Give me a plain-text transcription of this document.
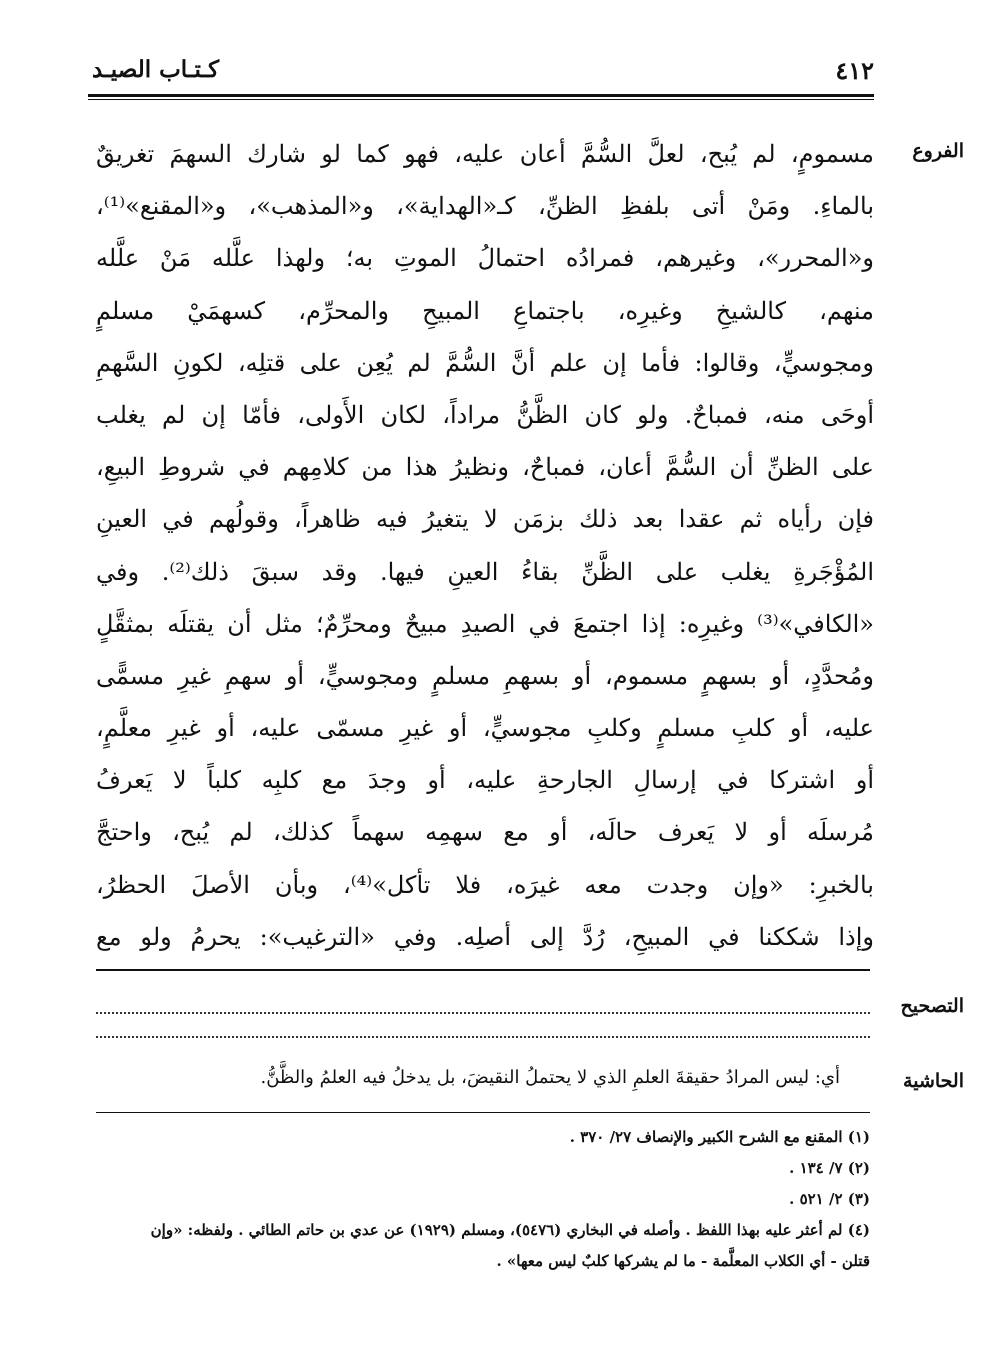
٤١٢
كـتـاب الصيـد
الفروع
التصحيح
الحاشية
مسمومٍ، لم يُبح، لعلَّ السُّمَّ أعان عليه، فهو كما لو شارك السهمَ تغريقٌ
بالماءِ. ومَنْ أتى بلفظِ الظنِّ، كـ«الهداية»، و«المذهب»، و«المقنع»⁽¹⁾،
و«المحرر»، وغيرهم، فمرادُه احتمالُ الموتِ به؛ ولهذا علَّله مَنْ علَّله
منهم، كالشيخِ وغيرِه، باجتماعِ المبيحِ والمحرِّم، كسهمَيْ مسلمٍ
ومجوسيٍّ، وقالوا: فأما إن علم أنَّ السُّمَّ لم يُعِن على قتلِه، لكونِ السَّهمِ
أوحَى منه، فمباحٌ. ولو كان الظَّنُّ مراداً، لكان الأَولى، فأمّا إن لم يغلب
على الظنِّ أن السُّمَّ أعان، فمباحٌ، ونظيرُ هذا من كلامِهم في شروطِ البيعِ،
فإن رأياه ثم عقدا بعد ذلك بزمَن لا يتغيرُ فيه ظاهراً، وقولُهم في العينِ
المُؤْجَرةِ يغلب على الظَّنِّ بقاءُ العينِ فيها. وقد سبقَ ذلك⁽²⁾. وفي
«الكافي»⁽³⁾ وغيرِه: إذا اجتمعَ في الصيدِ مبيحٌ ومحرِّمٌ؛ مثل أن يقتلَه بمثقَّلٍ
ومُحدَّدٍ، أو بسهمٍ مسموم، أو بسهمِ مسلمٍ ومجوسيٍّ، أو سهمِ غيرِ مسمًّى
عليه، أو كلبِ مسلمٍ وكلبِ مجوسيٍّ، أو غيرِ مسمّى عليه، أو غيرِ معلَّمٍ،
أو اشتركا في إرسالِ الجارحةِ عليه، أو وجدَ مع كلبِه كلباً لا يَعرفُ
مُرسلَه أو لا يَعرف حالَه، أو مع سهمِه سهماً كذلك، لم يُبح، واحتجَّ
بالخبرِ: «وإن وجدت معه غيرَه، فلا تأكل»⁽⁴⁾، وبأن الأصلَ الحظرُ،
وإذا شككنا في المبيحِ، رُدَّ إلى أصلِه. وفي «الترغيب»: يحرمُ ولو مع
أي: ليس المرادُ حقيقةَ العلمِ الذي لا يحتملُ النقيضَ، بل يدخلُ فيه العلمُ والظَّنُّ.
(١) المقنع مع الشرح الكبير والإنصاف ٢٧/ ٣٧٠ .
(٢) ٧/ ١٣٤ .
(٣) ٢/ ٥٢١ .
(٤) لم أعثر عليه بهذا اللفظ . وأصله في البخاري (٥٤٧٦)، ومسلم (١٩٢٩) عن عدي بن حاتم الطائي . ولفظه: «وإن
قتلن - أي الكلاب المعلَّمة - ما لم يشركها كلبٌ ليس معها» .
